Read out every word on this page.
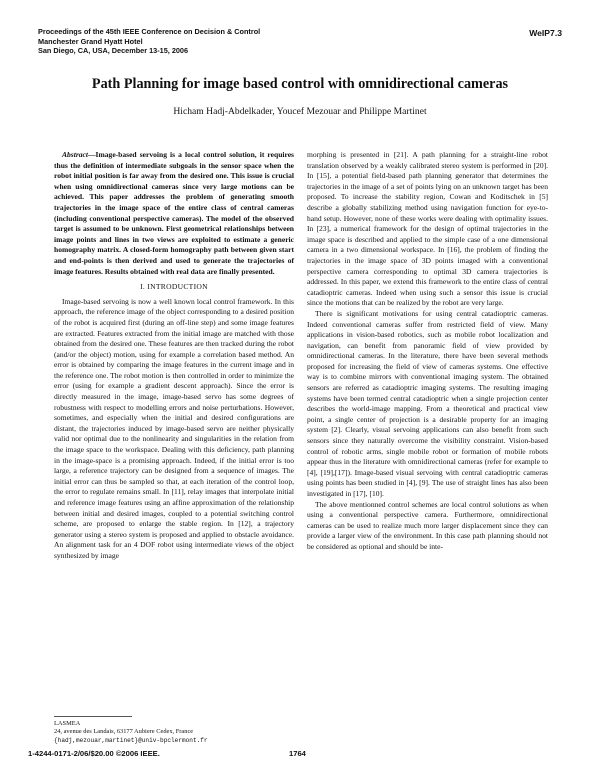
Proceedings of the 45th IEEE Conference on Decision & Control
Manchester Grand Hyatt Hotel
San Diego, CA, USA, December 13-15, 2006
WeIP7.3
Path Planning for image based control with omnidirectional cameras
Hicham Hadj-Abdelkader, Youcef Mezouar and Philippe Martinet

Abstract—Image-based servoing is a local control solution, it requires thus the definition of intermediate subgoals in the sensor space when the robot initial position is far away from the desired one. This issue is crucial when using omnidirectional cameras since very large motions can be achieved. This paper addresses the problem of generating smooth trajectories in the image space of the entire class of central cameras (including conventional perspective cameras). The model of the observed target is assumed to be unknown. First geometrical relationships between image points and lines in two views are exploited to estimate a generic homography matrix. A closed-form homography path between given start and end-points is then derived and used to generate the trajectories of image features. Results obtained with real data are finally presented.

I. INTRODUCTION

Image-based servoing is now a well known local control framework. In this approach, the reference image of the object corresponding to a desired position of the robot is acquired first (during an off-line step) and some image features are extracted. Features extracted from the initial image are matched with those obtained from the desired one. These features are then tracked during the robot (and/or the object) motion, using for example a correlation based method. An error is obtained by comparing the image features in the current image and in the reference one. The robot motion is then controlled in order to minimize the error (using for example a gradient descent approach). Since the error is directly measured in the image, image-based servo has some degrees of robustness with respect to modelling errors and noise perturbations. However, sometimes, and especially when the initial and desired configurations are distant, the trajectories induced by image-based servo are neither physically valid nor optimal due to the nonlinearity and singularities in the relation from the image space to the workspace. Dealing with this deficiency, path planning in the image-space is a promising approach. Indeed, if the initial error is too large, a reference trajectory can be designed from a sequence of images. The initial error can thus be sampled so that, at each iteration of the control loop, the error to regulate remains small. In [11], relay images that interpolate initial and reference image features using an affine approximation of the relationship between initial and desired images, coupled to a potential switching control scheme, are proposed to enlarge the stable region. In [12], a trajectory generator using a stereo system is proposed and applied to obstacle avoidance. An alignment task for an 4 DOF robot using intermediate views of the object synthesized by image

LASMEA
24, avenue des Landais, 63177 Aubiere Cedex, France
{hadj,mezouar,martinet}@univ-bpclermont.fr

morphing is presented in [21]. A path planning for a straight-line robot translation observed by a weakly calibrated stereo system is performed in [20]. In [15], a potential field-based path planning generator that determines the trajectories in the image of a set of points lying on an unknown target has been proposed. To increase the stability region, Cowan and Koditschek in [5] describe a globally stabilizing method using navigation function for eye-to-hand setup. However, none of these works were dealing with optimality issues. In [23], a numerical framework for the design of optimal trajectories in the image space is described and applied to the simple case of a one dimensional camera in a two dimensional workspace. In [16], the problem of finding the trajectories in the image space of 3D points imaged with a conventional perspective camera corresponding to optimal 3D camera trajectories is addressed. In this paper, we extend this framework to the entire class of central catadioptric cameras. Indeed when using such a sensor this issue is crucial since the motions that can be realized by the robot are very large.

There is significant motivations for using central catadioptric cameras. Indeed conventional cameras suffer from restricted field of view. Many applications in vision-based robotics, such as mobile robot localization and navigation, can benefit from panoramic field of view provided by omnidirectional cameras. In the literature, there have been several methods proposed for increasing the field of view of cameras systems. One effective way is to combine mirrors with conventional imaging system. The obtained sensors are referred as catadioptric imaging systems. The resulting imaging systems have been termed central catadioptric when a single projection center describes the world-image mapping. From a theoretical and practical view point, a single center of projection is a desirable property for an imaging system [2]. Clearly, visual servoing applications can also benefit from such sensors since they naturally overcome the visibility constraint. Vision-based control of robotic arms, single mobile robot or formation of mobile robots appear thus in the literature with omnidirectional cameras (refer for example to [4], [19],[17]). Image-based visual servoing with central catadioptric cameras using points has been studied in [4], [9]. The use of straight lines has also been investigated in [17], [10].

The above mentionned control schemes are local control solutions as when using a conventional perspective camera. Furthermore, omnidirectional cameras can be used to realize much more larger displacement since they can provide a larger view of the environment. In this case path planning should not be considered as optional and should be inte-

1-4244-0171-2/06/$20.00 ©2006 IEEE.	1764
